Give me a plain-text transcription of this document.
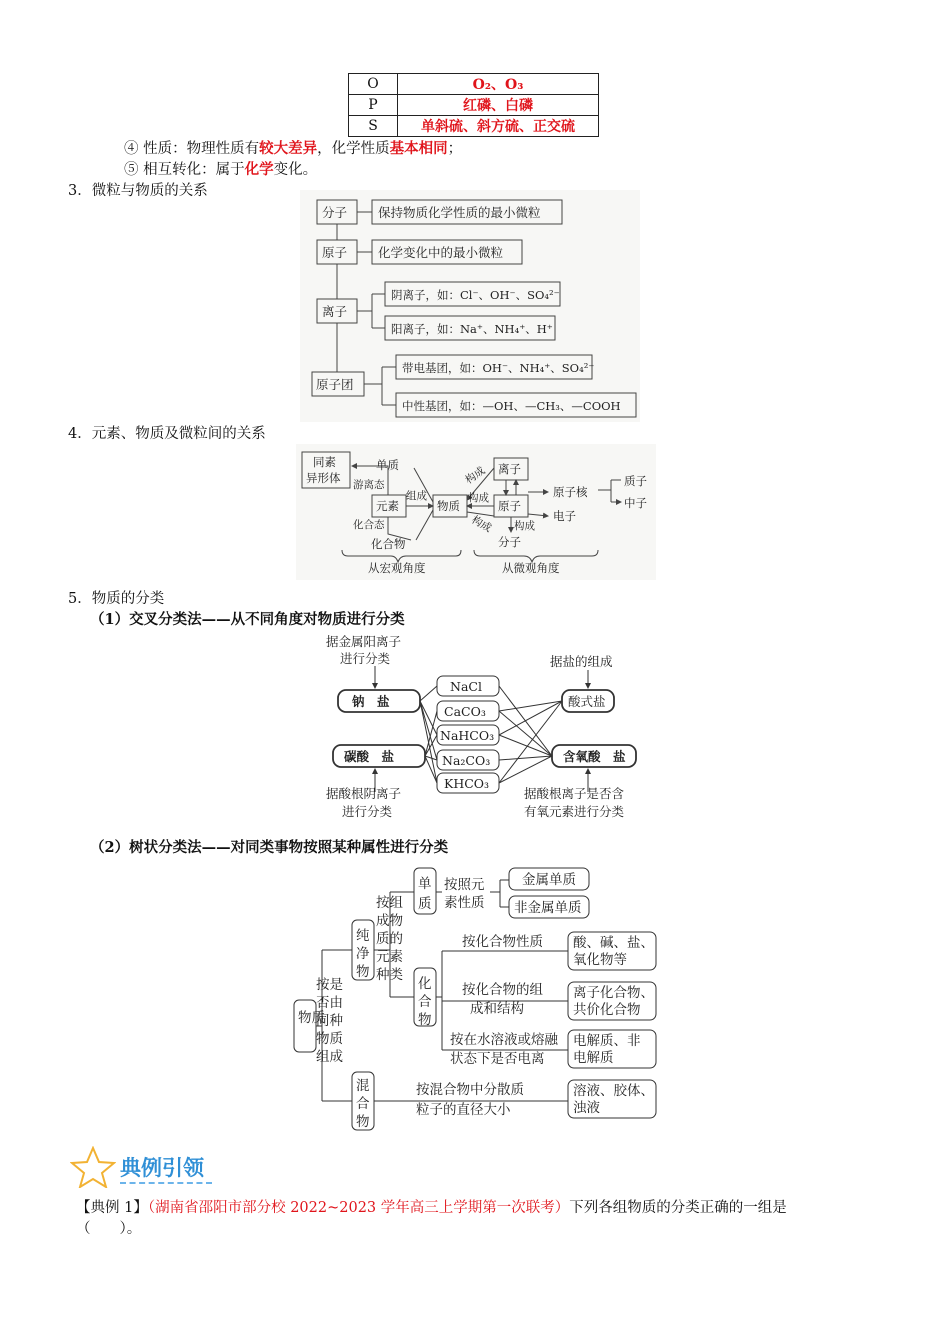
O	O₂、O₃
P	红磷、白磷
S	单斜硫、斜方硫、正交硫
④ 性质：物理性质有较大差异，化学性质基本相同；
⑤ 相互转化：属于化学变化。
3．微粒与物质的关系
分子 保持物质化学性质的最小微粒
原子 化学变化中的最小微粒
离子
阴离子，如：Cl⁻、OH⁻、SO₄²⁻
阳离子，如：Na⁺、NH₄⁺、H⁺
原子团
带电基团，如：OH⁻、NH₄⁺、SO₄²⁻
中性基团，如：—OH、—CH₃、—COOH
4．元素、物质及微粒间的关系
同素
异形体
单质
游离态
元素
组成
物质
化合态
化合物
构成
构成
构成 构成
离子
原子
原子核
电子
质子
中子
分子
从宏观角度	从微观角度
5．物质的分类
（1）交叉分类法——从不同角度对物质进行分类
据金属阳离子
进行分类	据盐的组成
钠　盐
碳酸　盐
酸式盐
含氧酸　盐
NaCl
CaCO₃
NaHCO₃
Na₂CO₃
KHCO₃
据酸根阴离子
进行分类
据酸根离子是否含
有氧元素进行分类
（2）树状分类法——对同类事物按照某种属性进行分类
物质
按是
否由
同种
物质
组成
纯
净
物
混
合
物
按组
成物
质的
元素
种类
单
质
化
合
物
按照元
素性质
金属单质
非金属单质
按化合物性质 酸、碱、盐、
氧化物等
按化合物的组
成和结构
离子化合物、
共价化合物
按在水溶液或熔融
状态下是否电离
电解质、非
电解质
按混合物中分散质
粒子的直径大小
溶液、胶体、
浊液
典例引领
【典例 1】（湖南省邵阳市部分校 2022~2023 学年高三上学期第一次联考）下列各组物质的分类正确的一组是
（　　）。
